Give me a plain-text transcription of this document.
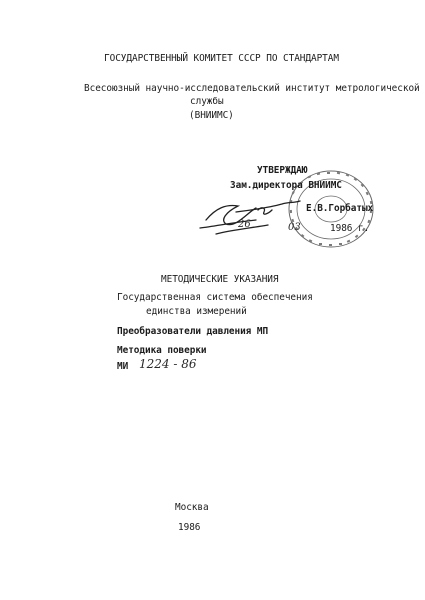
ГОСУДАРСТВЕННЫЙ КОМИТЕТ СССР ПО СТАНДАРТАМ
Всесоюзный научно-исследовательский институт метрологической
службы
(ВНИИМС)
УТВЕРЖДАЮ
Зам.директора ВНИИМС
Е.В.Горбатых
26	03	1986 г.
МЕТОДИЧЕСКИЕ УКАЗАНИЯ
Государственная система обеспечения
единства измерений
Преобразователи давления МП
Методика поверки
МИ 1224 - 86
Москва
1986
